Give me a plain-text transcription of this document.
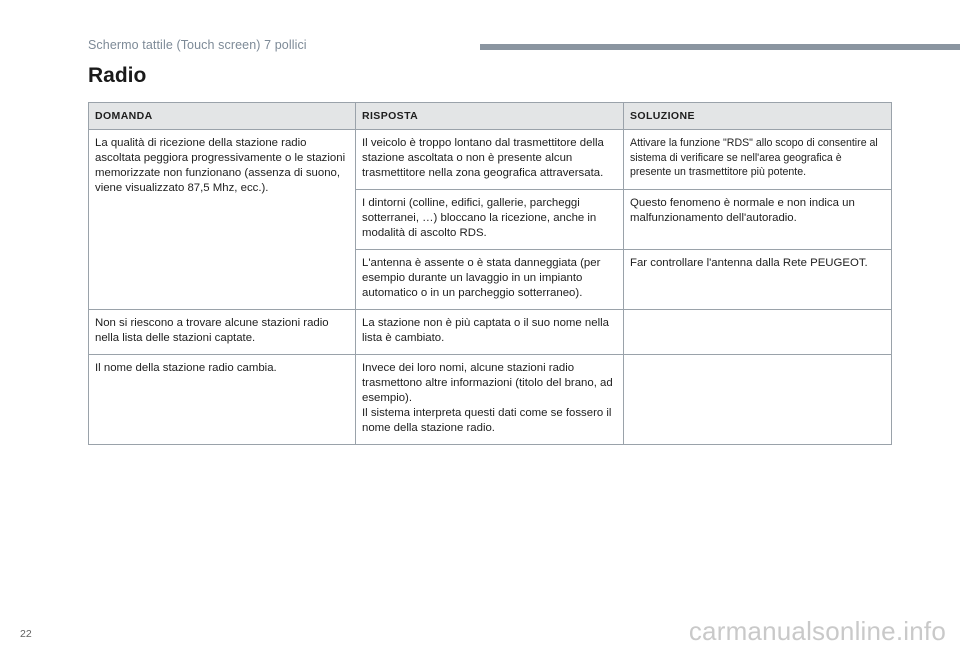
Schermo tattile (Touch screen) 7 pollici
Radio
DOMANDA	RISPOSTA	SOLUZIONE
La qualità di ricezione della stazione radio ascoltata peggiora progressivamente o le stazioni memorizzate non funzionano (assenza di suono, viene visualizzato 87,5 Mhz, ecc.).	Il veicolo è troppo lontano dal trasmettitore della stazione ascoltata o non è presente alcun trasmettitore nella zona geografica attraversata.	Attivare la funzione "RDS" allo scopo di consentire al sistema di verificare se nell'area geografica è presente un trasmettitore più potente.
	I dintorni (colline, edifici, gallerie, parcheggi sotterranei, …) bloccano la ricezione, anche in modalità di ascolto RDS.	Questo fenomeno è normale e non indica un malfunzionamento dell'autoradio.
	L'antenna è assente o è stata danneggiata (per esempio durante un lavaggio in un impianto automatico o in un parcheggio sotterraneo).	Far controllare l'antenna dalla Rete PEUGEOT.
Non si riescono a trovare alcune stazioni radio nella lista delle stazioni captate.	La stazione non è più captata o il suo nome nella lista è cambiato.	
Il nome della stazione radio cambia.	Invece dei loro nomi, alcune stazioni radio trasmettono altre informazioni (titolo del brano, ad esempio).
Il sistema interpreta questi dati come se fossero il nome della stazione radio.	

22	carmanualsonline.info
